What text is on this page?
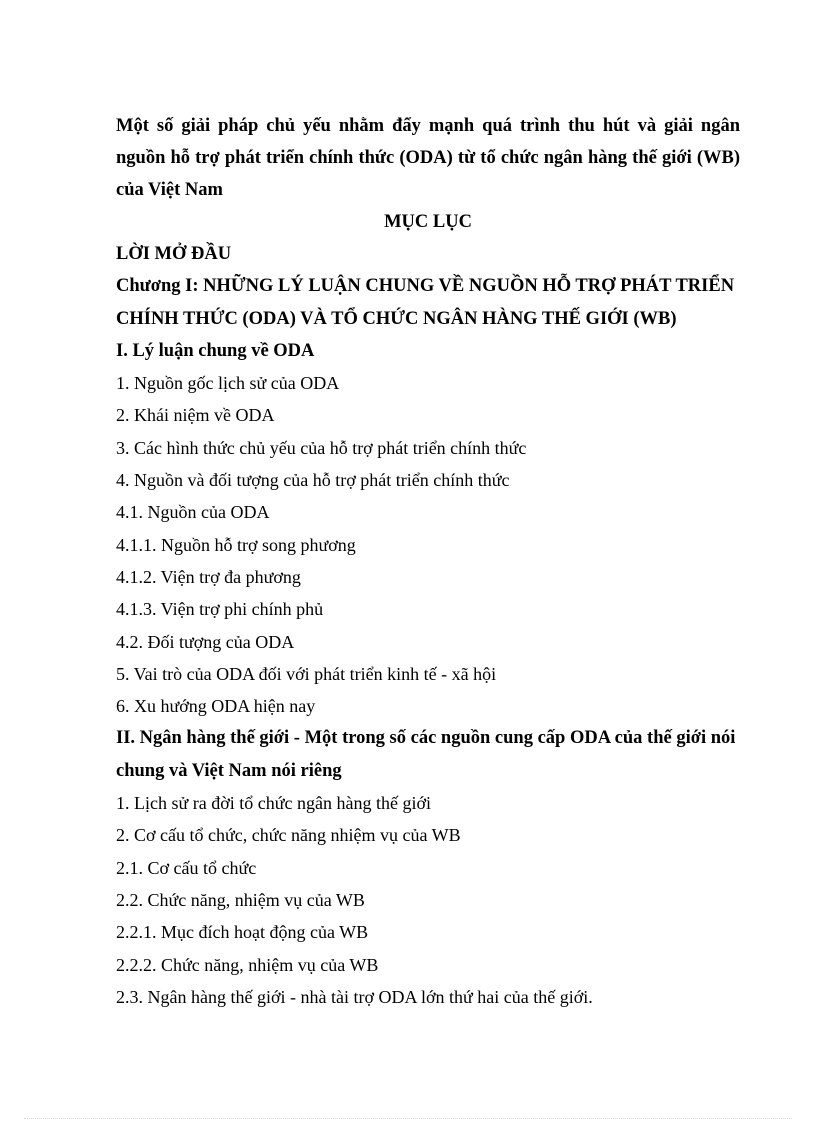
Một số giải pháp chủ yếu nhằm đẩy mạnh quá trình thu hút và giải ngân nguồn hỗ trợ phát triển chính thức (ODA) từ tổ chức ngân hàng thế giới (WB) của Việt Nam

MỤC LỤC

LỜI MỞ ĐẦU

Chương I: NHỮNG LÝ LUẬN CHUNG VỀ NGUỒN HỖ TRỢ PHÁT TRIỂN CHÍNH THỨC (ODA) VÀ TỔ CHỨC NGÂN HÀNG THẾ GIỚI (WB)

I. Lý luận chung về ODA

1. Nguồn gốc lịch sử của ODA

2. Khái niệm về ODA

3. Các hình thức chủ yếu của hỗ trợ phát triển chính thức

4. Nguồn và đối tượng của hỗ trợ phát triển chính thức

4.1. Nguồn của ODA

4.1.1. Nguồn hỗ trợ song phương

4.1.2. Viện trợ đa phương

4.1.3. Viện trợ phi chính phủ

4.2. Đối tượng của ODA

5. Vai trò của ODA đối với phát triển kinh tế - xã hội

6. Xu hướng ODA hiện nay

II. Ngân hàng thế giới - Một trong số các nguồn cung cấp ODA của thế giới nói chung và Việt Nam nói riêng

1. Lịch sử ra đời tổ chức ngân hàng thế giới

2. Cơ cấu tổ chức, chức năng nhiệm vụ của WB

2.1. Cơ cấu tổ chức

2.2. Chức năng, nhiệm vụ của WB

2.2.1. Mục đích hoạt động của WB

2.2.2. Chức năng, nhiệm vụ của WB

2.3. Ngân hàng thế giới - nhà tài trợ ODA lớn thứ hai của thế giới.
